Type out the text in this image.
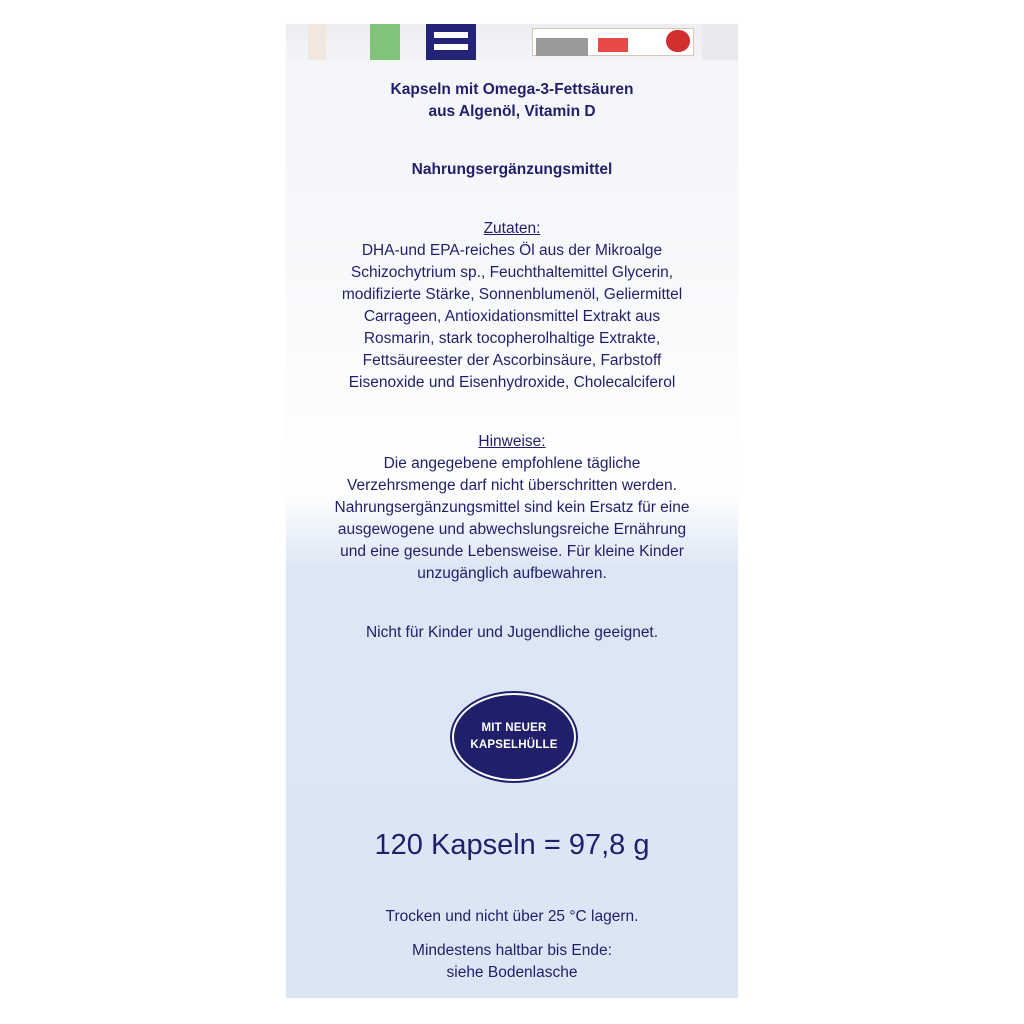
Kapseln mit Omega-3-Fettsäuren

aus Algenöl, Vitamin D

Nahrungsergänzungsmittel

Zutaten:

DHA-und EPA-reiches Öl aus der Mikroalge

Schizochytrium sp., Feuchthaltemittel Glycerin,

modifizierte Stärke, Sonnenblumenöl, Geliermittel

Carrageen, Antioxidationsmittel Extrakt aus

Rosmarin, stark tocopherolhaltige Extrakte,

Fettsäureester der Ascorbinsäure, Farbstoff

Eisenoxide und Eisenhydroxide, Cholecalciferol

Hinweise:

Die angegebene empfohlene tägliche

Verzehrsmenge darf nicht überschritten werden.

Nahrungsergänzungsmittel sind kein Ersatz für eine

ausgewogene und abwechslungsreiche Ernährung

und eine gesunde Lebensweise. Für kleine Kinder

unzugänglich aufbewahren.

Nicht für Kinder und Jugendliche geeignet.

MIT NEUER
KAPSELHÜLLE

120 Kapseln = 97,8 g

Trocken und nicht über 25 °C lagern.

Mindestens haltbar bis Ende:

siehe Bodenlasche
